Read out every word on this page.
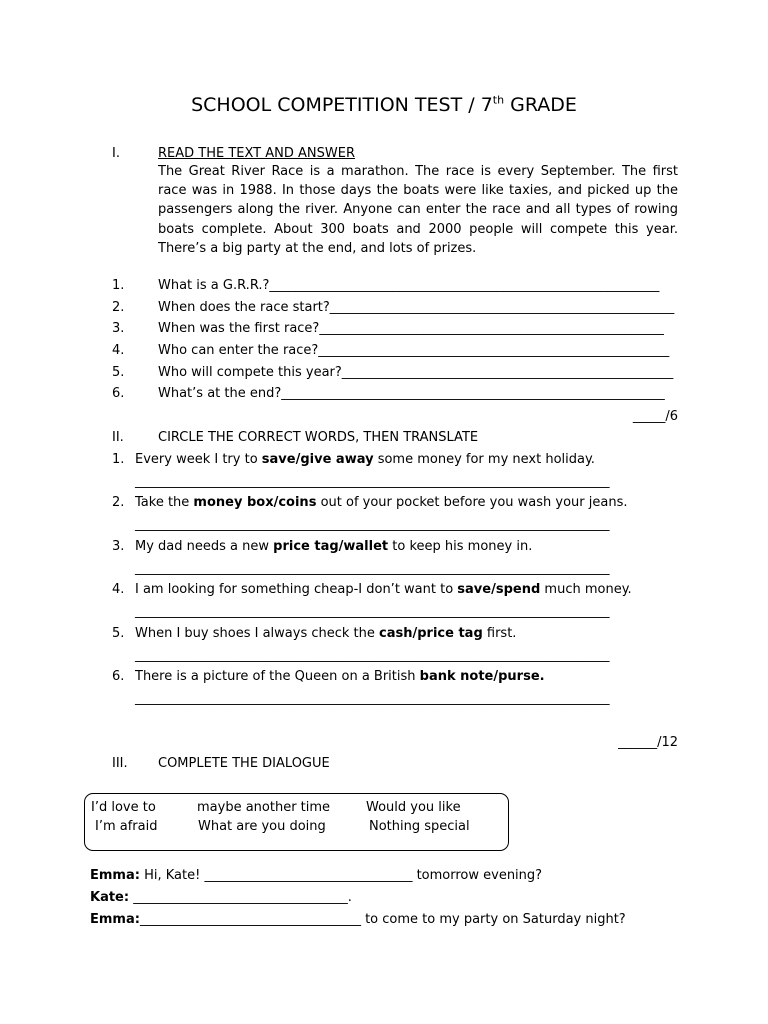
SCHOOL COMPETITION TEST / 7th GRADE
I.	READ THE TEXT AND ANSWER
The Great River Race is a marathon. The race is every September. The first race was in 1988. In those days the boats were like taxies, and picked up the passengers along the river. Anyone can enter the race and all types of rowing boats complete. About 300 boats and 2000 people will compete this year. There’s a big party at the end, and lots of prizes.
1.	What is a G.R.R.?____________________________________________________________
2.	When does the race start?_____________________________________________________
3.	When was the first race?_____________________________________________________
4.	Who can enter the race?______________________________________________________
5.	Who will compete this year?___________________________________________________
6.	What’s at the end?___________________________________________________________
_____/6
II.	CIRCLE THE CORRECT WORDS, THEN TRANSLATE
1. Every week I try to save/give away some money for my next holiday.
_________________________________________________________________________
2. Take the money box/coins out of your pocket before you wash your jeans.
_________________________________________________________________________
3. My dad needs a new price tag/wallet to keep his money in.
_________________________________________________________________________
4. I am looking for something cheap-I don’t want to save/spend much money.
_________________________________________________________________________
5. When I buy shoes I always check the cash/price tag first.
_________________________________________________________________________
6. There is a picture of the Queen on a British bank note/purse.
_________________________________________________________________________
______/12
III. COMPLETE THE DIALOGUE
I’d love to	maybe another time	Would you like
I’m afraid	What are you doing	Nothing special
Emma: Hi, Kate! ________________________________ tomorrow evening?
Kate: _________________________________.
Emma:__________________________________ to come to my party on Saturday night?
